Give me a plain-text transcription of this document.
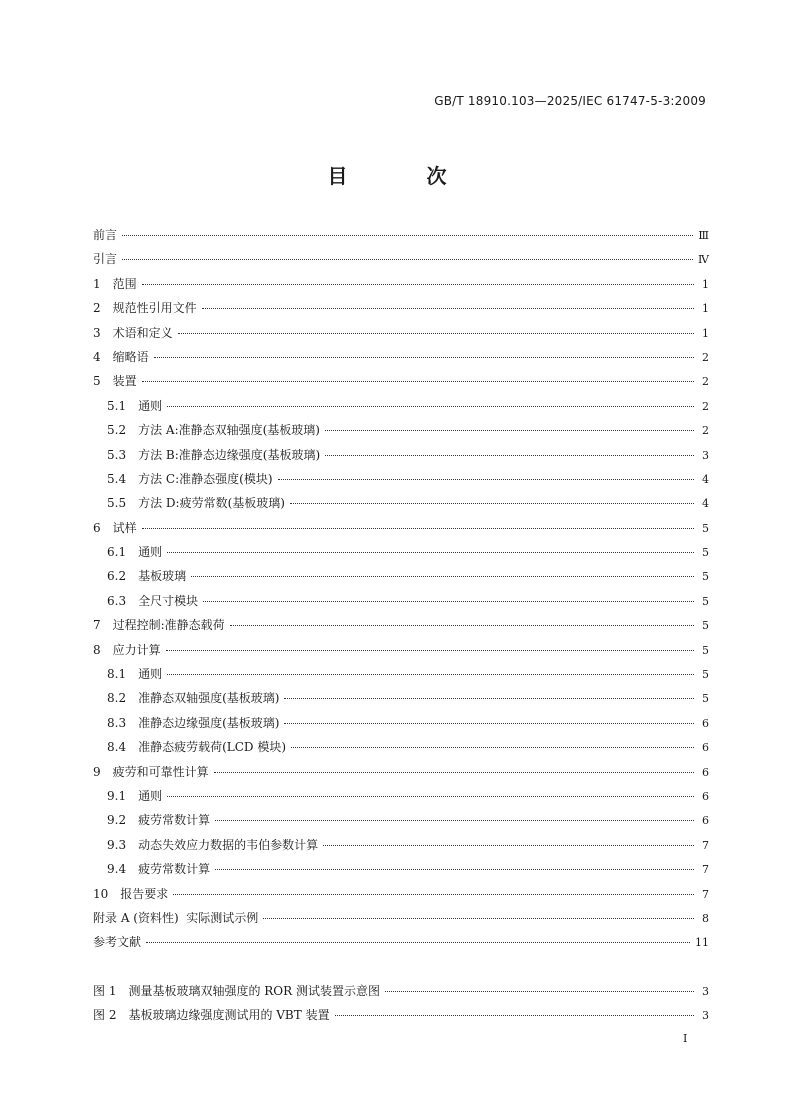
GB/T 18910.103—2025/IEC 61747-5-3:2009
目 次
前言	Ⅲ
引言	Ⅳ
1 范围	1
2 规范性引用文件	1
3 术语和定义	1
4 缩略语	2
5 装置	2
5.1 通则	2
5.2 方法 A:准静态双轴强度(基板玻璃)	2
5.3 方法 B:准静态边缘强度(基板玻璃)	3
5.4 方法 C:准静态强度(模块)	4
5.5 方法 D:疲劳常数(基板玻璃)	4
6 试样	5
6.1 通则	5
6.2 基板玻璃	5
6.3 全尺寸模块	5
7 过程控制:准静态载荷	5
8 应力计算	5
8.1 通则	5
8.2 准静态双轴强度(基板玻璃)	5
8.3 准静态边缘强度(基板玻璃)	6
8.4 准静态疲劳载荷(LCD 模块)	6
9 疲劳和可靠性计算	6
9.1 通则	6
9.2 疲劳常数计算	6
9.3 动态失效应力数据的韦伯参数计算	7
9.4 疲劳常数计算	7
10 报告要求	7
附录 A (资料性)  实际测试示例	8
参考文献	11
图 1 测量基板玻璃双轴强度的 ROR 测试装置示意图	3
图 2 基板玻璃边缘强度测试用的 VBT 装置	3
I
